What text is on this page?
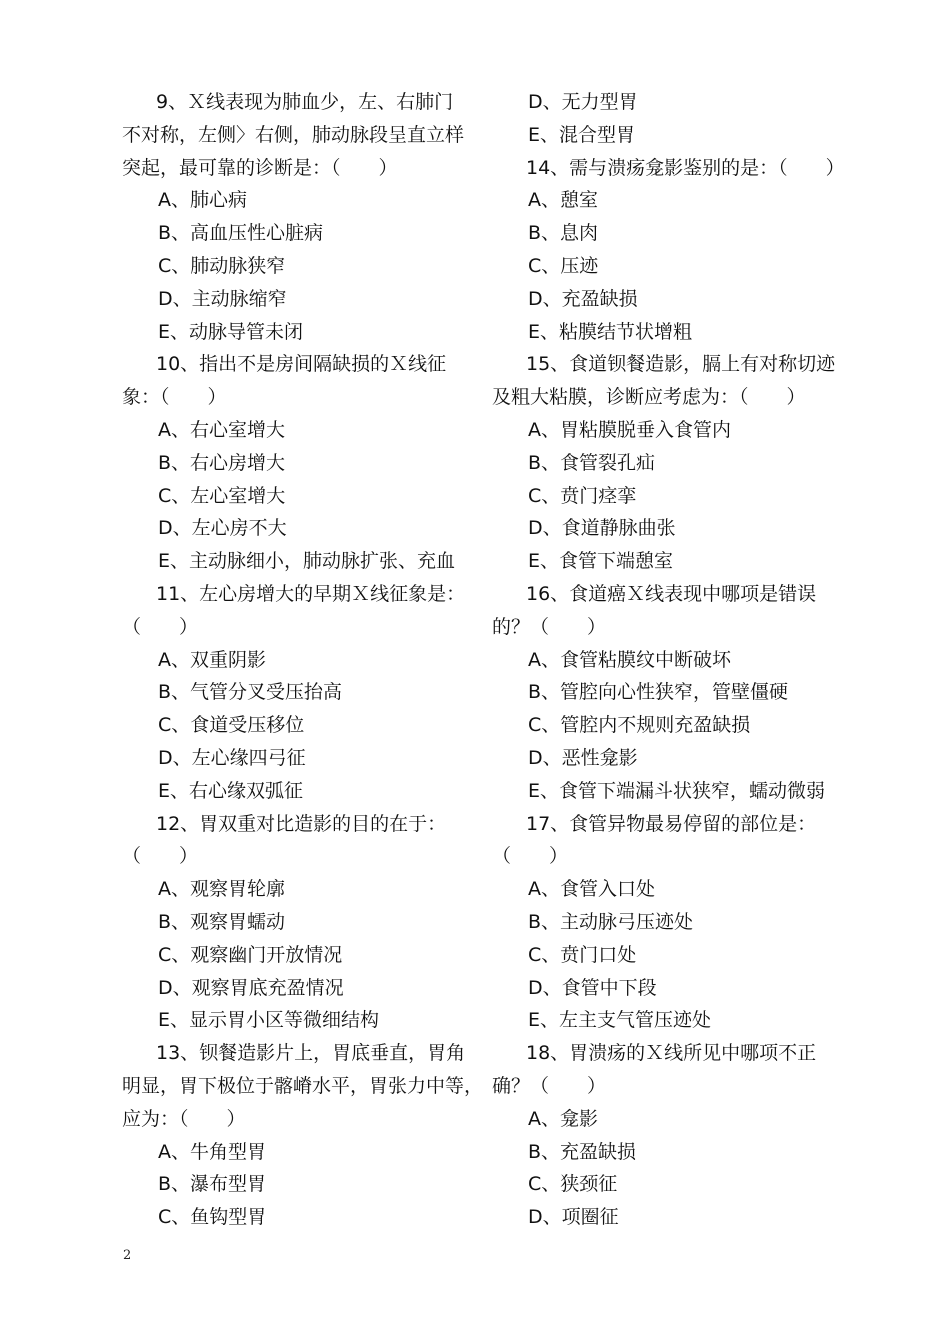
9、Ｘ线表现为肺血少，左、右肺门
不对称，左侧〉右侧，肺动脉段呈直立样
突起，最可靠的诊断是：（　　）
A、肺心病
B、高血压性心脏病
C、肺动脉狭窄
D、主动脉缩窄
E、动脉导管未闭
10、指出不是房间隔缺损的Ｘ线征
象：（　　）
A、右心室增大
B、右心房增大
C、左心室增大
D、左心房不大
E、主动脉细小，肺动脉扩张、充血
11、左心房增大的早期Ｘ线征象是：
（　　）
A、双重阴影
B、气管分叉受压抬高
C、食道受压移位
D、左心缘四弓征
E、右心缘双弧征
12、胃双重对比造影的目的在于：
（　　）
A、观察胃轮廓
B、观察胃蠕动
C、观察幽门开放情况
D、观察胃底充盈情况
E、显示胃小区等微细结构
13、钡餐造影片上，胃底垂直，胃角
明显，胃下极位于髂嵴水平，胃张力中等，
应为：（　　）
A、牛角型胃
B、瀑布型胃
C、鱼钩型胃
D、无力型胃
E、混合型胃
14、需与溃疡龛影鉴别的是：（　　）
A、憩室
B、息肉
C、压迹
D、充盈缺损
E、粘膜结节状增粗
15、食道钡餐造影，膈上有对称切迹
及粗大粘膜，诊断应考虑为：（　　）
A、胃粘膜脱垂入食管内
B、食管裂孔疝
C、贲门痉挛
D、食道静脉曲张
E、食管下端憩室
16、食道癌Ｘ线表现中哪项是错误
的？（　　）
A、食管粘膜纹中断破坏
B、管腔向心性狭窄，管壁僵硬
C、管腔内不规则充盈缺损
D、恶性龛影
E、食管下端漏斗状狭窄，蠕动微弱
17、食管异物最易停留的部位是：
（　　）
A、食管入口处
B、主动脉弓压迹处
C、贲门口处
D、食管中下段
E、左主支气管压迹处
18、胃溃疡的Ｘ线所见中哪项不正
确？（　　）
A、龛影
B、充盈缺损
C、狭颈征
D、项圈征
2
